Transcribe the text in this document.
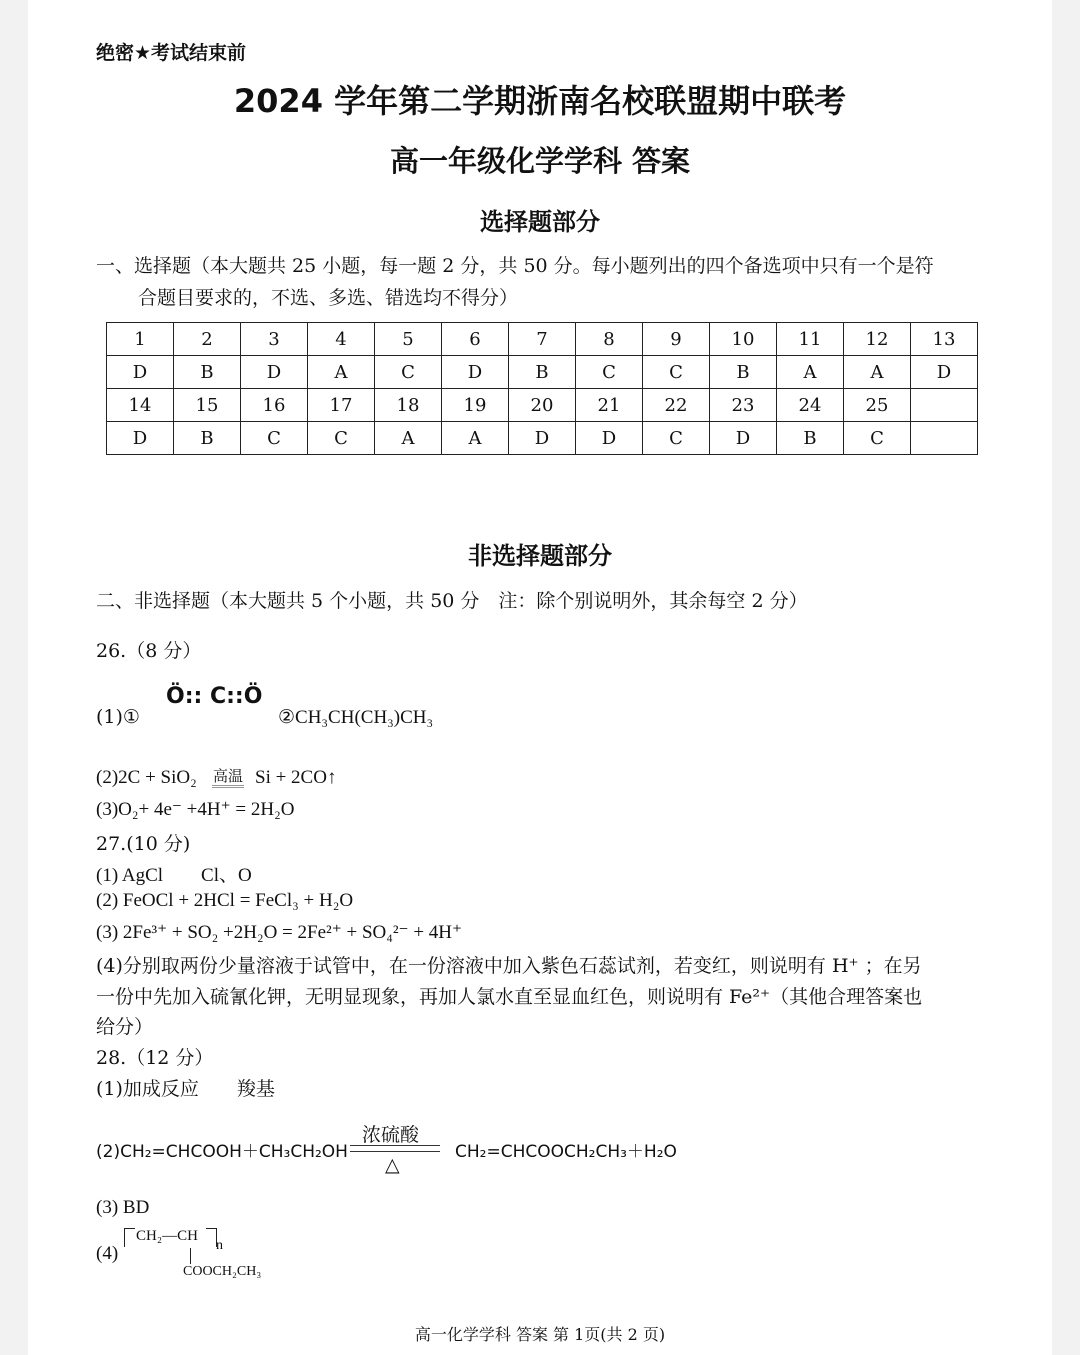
绝密★考试结束前
2024 学年第二学期浙南名校联盟期中联考
高一年级化学学科 答案
选择题部分
一、选择题（本大题共 25 小题，每一题 2 分，共 50 分。每小题列出的四个备选项中只有一个是符
合题目要求的，不选、多选、错选均不得分）
1	2	3	4	5	6	7	8	9	10	11	12	13
D	B	D	A	C	D	B	C	C	B	A	A	D
14	15	16	17	18	19	20	21	22	23	24	25	
D	B	C	C	A	A	D	D	C	D	B	C	
非选择题部分
二、非选择题（本大题共 5 个小题，共 50 分　注：除个别说明外，其余每空 2 分）
26.（8 分）
Ö:: C::Ö
(1)①	②CH₃CH(CH₃)CH₃
(2)2C + SiO₂ 高温 Si + 2CO↑
(3)O₂+ 4e⁻ +4H⁺ = 2H₂O
27.(10 分)
(1) AgCl　　Cl、O
(2) FeOCl + 2HCl = FeCl₃ + H₂O
(3) 2Fe³⁺ + SO₂ +2H₂O = 2Fe²⁺ + SO₄²⁻ + 4H⁺
(4)分别取两份少量溶液于试管中，在一份溶液中加入紫色石蕊试剂，若变红，则说明有 H⁺ ；在另
一份中先加入硫氰化钾，无明显现象，再加人氯水直至显血红色，则说明有 Fe²⁺（其他合理答案也
给分）
28.（12 分）
(1)加成反应　　羧基
(2)CH₂=CHCOOH＋CH₃CH₂OH
浓硫酸
△
CH₂=CHCOOCH₂CH₃＋H₂O
(3) BD
(4)
CH₂—CH
n
COOCH₂CH₃
高一化学学科 答案 第 1页(共 2 页)
